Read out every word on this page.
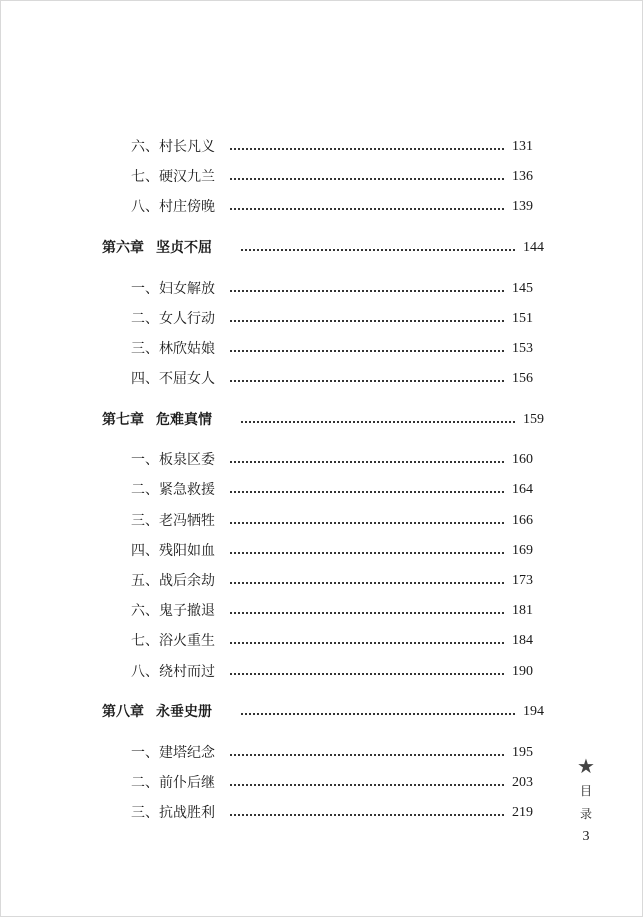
六、村长凡义	131
七、硬汉九兰	136
八、村庄傍晚	139
第六章 坚贞不屈	144
一、妇女解放	145
二、女人行动	151
三、林欣姑娘	153
四、不屈女人	156
第七章 危难真情	159
一、板泉区委	160
二、紧急救援	164
三、老冯牺牲	166
四、残阳如血	169
五、战后余劫	173
六、鬼子撤退	181
七、浴火重生	184
八、绕村而过	190
第八章 永垂史册	194
一、建塔纪念	195
二、前仆后继	203
三、抗战胜利	219
★
目
录
3
